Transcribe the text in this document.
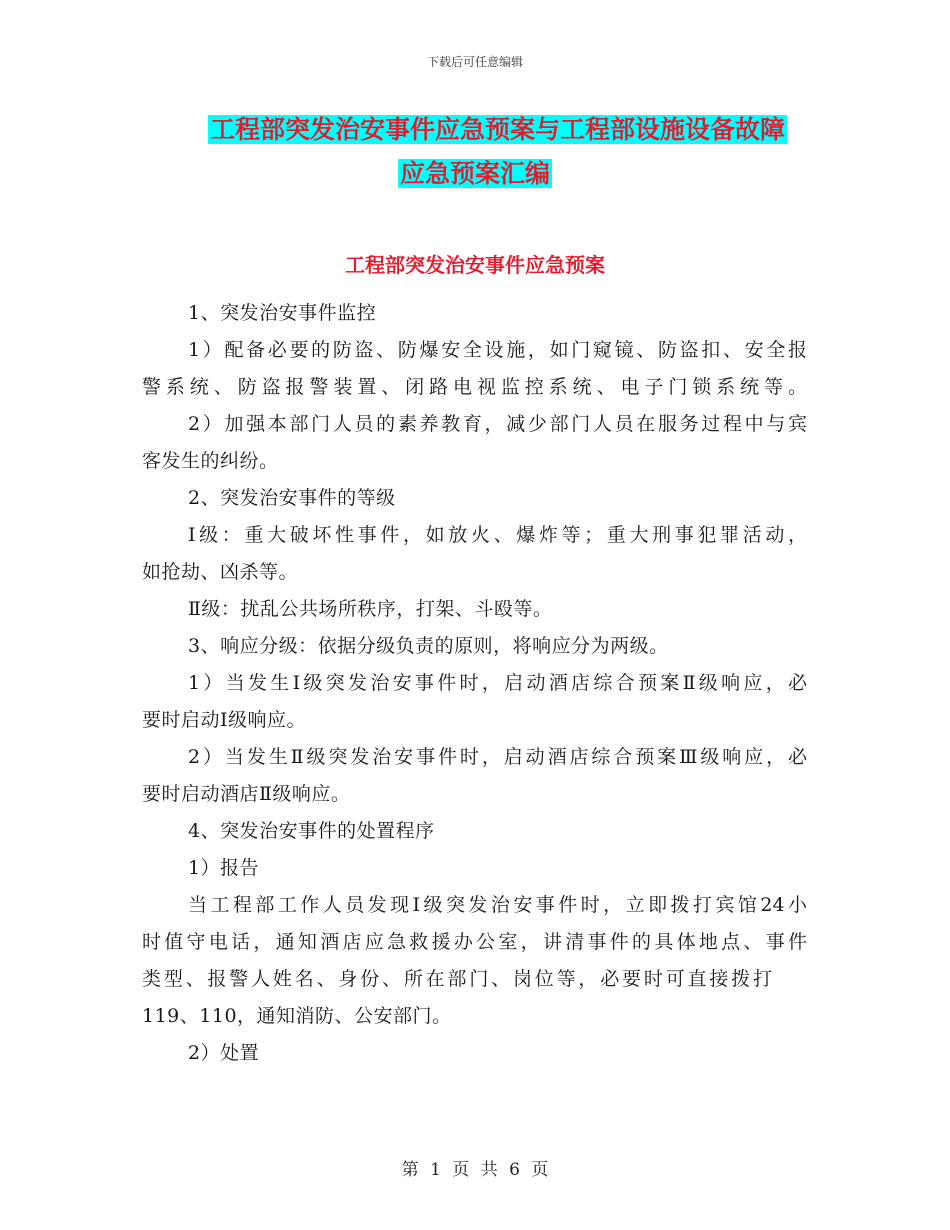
下载后可任意编辑
工程部突发治安事件应急预案与工程部设施设备故障
应急预案汇编
工程部突发治安事件应急预案
1、突发治安事件监控
1）配备必要的防盗、防爆安全设施，如门窥镜、防盗扣、安全报
警系统、防盗报警装置、闭路电视监控系统、电子门锁系统等。
2）加强本部门人员的素养教育，减少部门人员在服务过程中与宾
客发生的纠纷。
2、突发治安事件的等级
Ⅰ级：重大破坏性事件，如放火、爆炸等；重大刑事犯罪活动，
如抢劫、凶杀等。
Ⅱ级：扰乱公共场所秩序，打架、斗殴等。
3、响应分级：依据分级负责的原则，将响应分为两级。
1）当发生Ⅰ级突发治安事件时，启动酒店综合预案Ⅱ级响应，必
要时启动Ⅰ级响应。
2）当发生Ⅱ级突发治安事件时，启动酒店综合预案Ⅲ级响应，必
要时启动酒店Ⅱ级响应。
4、突发治安事件的处置程序
1）报告
当工程部工作人员发现Ⅰ级突发治安事件时，立即拨打宾馆24小
时值守电话，通知酒店应急救援办公室，讲清事件的具体地点、事件
类型、报警人姓名、身份、所在部门、岗位等，必要时可直接拨打
119、110，通知消防、公安部门。
2）处置
第 1 页 共 6 页
